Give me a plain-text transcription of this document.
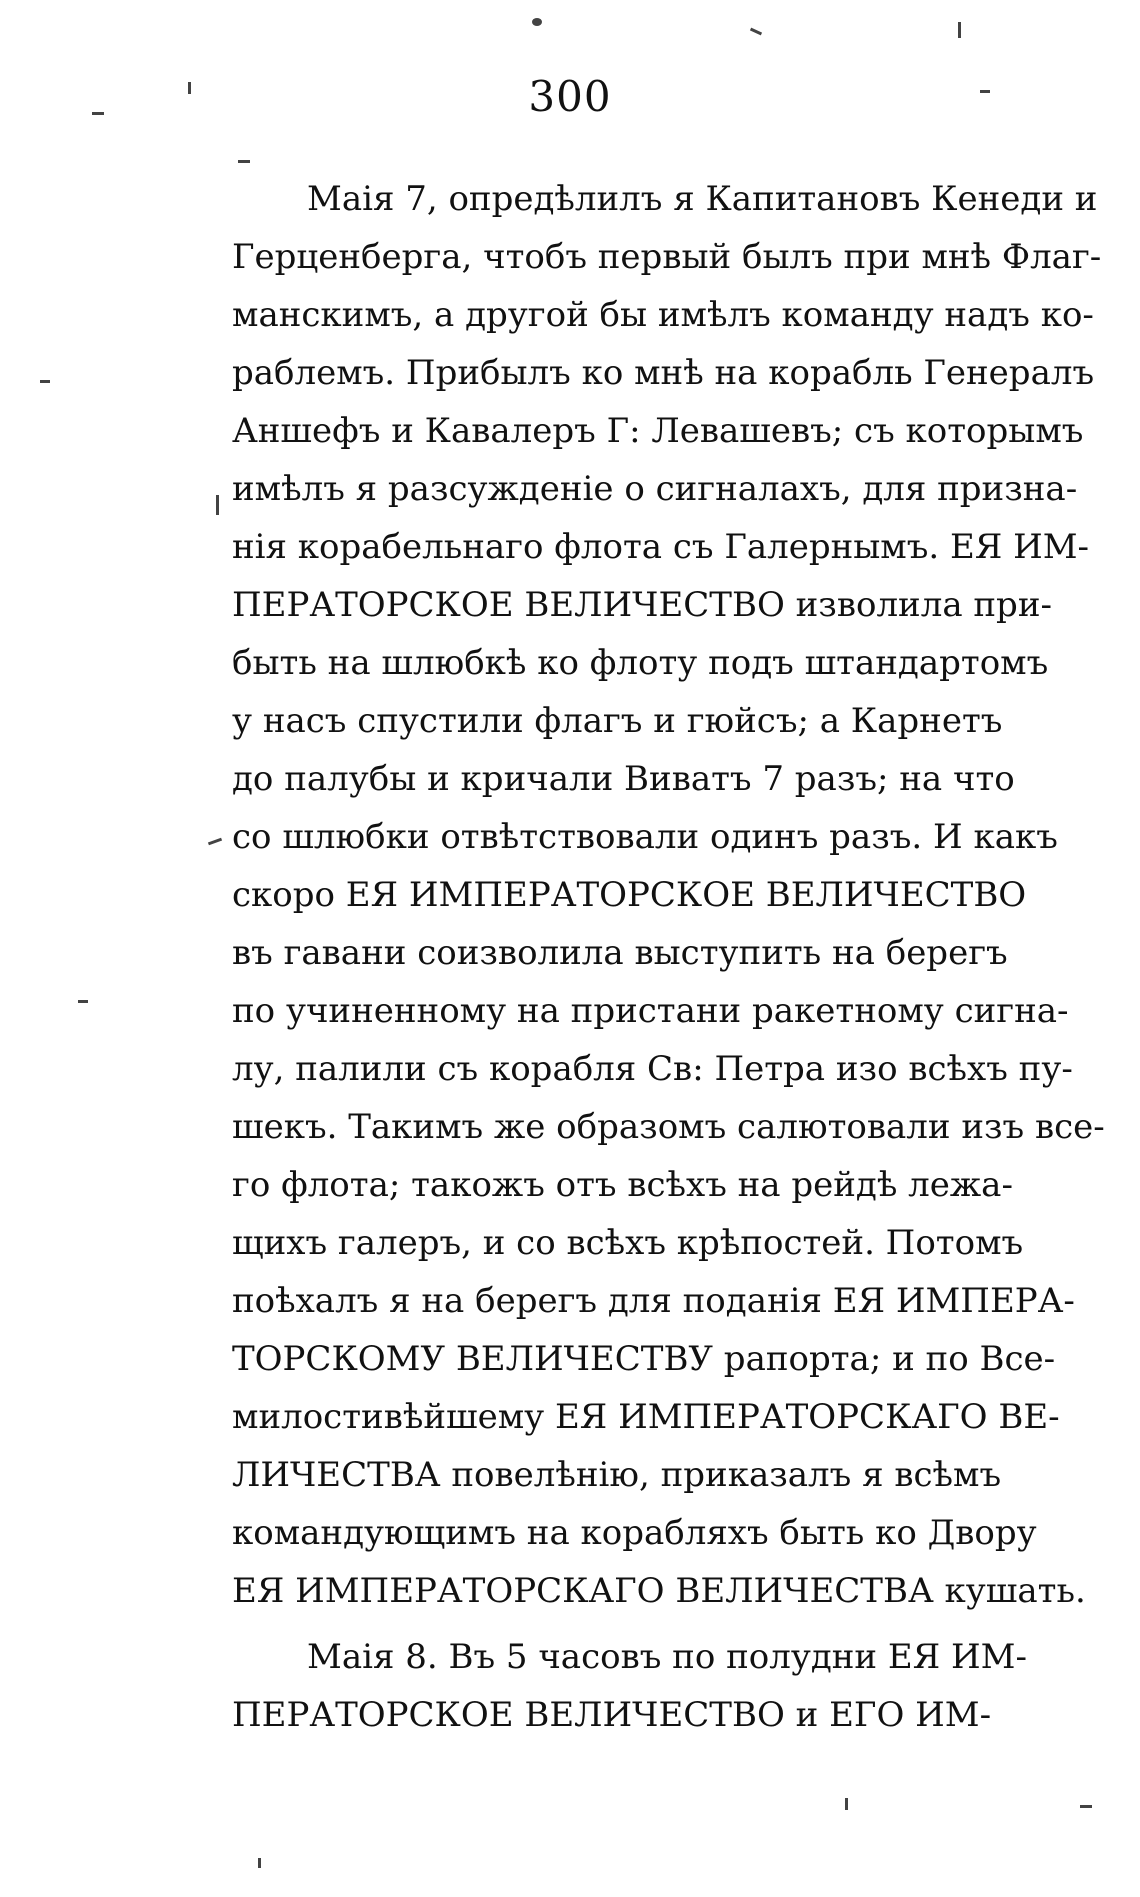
300
Маія 7, опредѣлилъ я Капитановъ Кенеди и
Герценберга, чтобъ первый былъ при мнѣ Флаг-
манскимъ, а другой бы имѣлъ команду надъ ко-
раблемъ. Прибылъ ко мнѣ на корабль Генералъ
Аншефъ и Кавалеръ Г: Левашевъ; съ которымъ
имѣлъ я разсужденіе о сигналахъ, для призна-
нія корабельнаго флота съ Галернымъ. ЕЯ ИМ-
ПЕРАТОРСКОЕ ВЕЛИЧЕСТВО изволила при-
быть на шлюбкѣ ко флоту подъ штандартомъ
у насъ спустили флагъ и гюйсъ; а Карнетъ
до палубы и кричали Виватъ 7 разъ; на что
со шлюбки отвѣтствовали одинъ разъ. И какъ
скоро ЕЯ ИМПЕРАТОРСКОЕ ВЕЛИЧЕСТВО
въ гавани соизволила выступить на берегъ
по учиненному на пристани ракетному сигна-
лу, палили съ корабля Св: Петра изо всѣхъ пу-
шекъ. Такимъ же образомъ салютовали изъ все-
го флота; такожъ отъ всѣхъ на рейдѣ лежа-
щихъ галеръ, и со всѣхъ крѣпостей. Потомъ
поѣхалъ я на берегъ для поданія ЕЯ ИМПЕРА-
ТОРСКОМУ ВЕЛИЧЕСТВУ рапорта; и по Все-
милостивѣйшему ЕЯ ИМПЕРАТОРСКАГО ВЕ-
ЛИЧЕСТВА повелѣнію, приказалъ я всѣмъ
командующимъ на корабляхъ быть ко Двору
ЕЯ ИМПЕРАТОРСКАГО ВЕЛИЧЕСТВА кушать.
Маія 8. Въ 5 часовъ по полудни ЕЯ ИМ-
ПЕРАТОРСКОЕ ВЕЛИЧЕСТВО и ЕГО ИМ-
